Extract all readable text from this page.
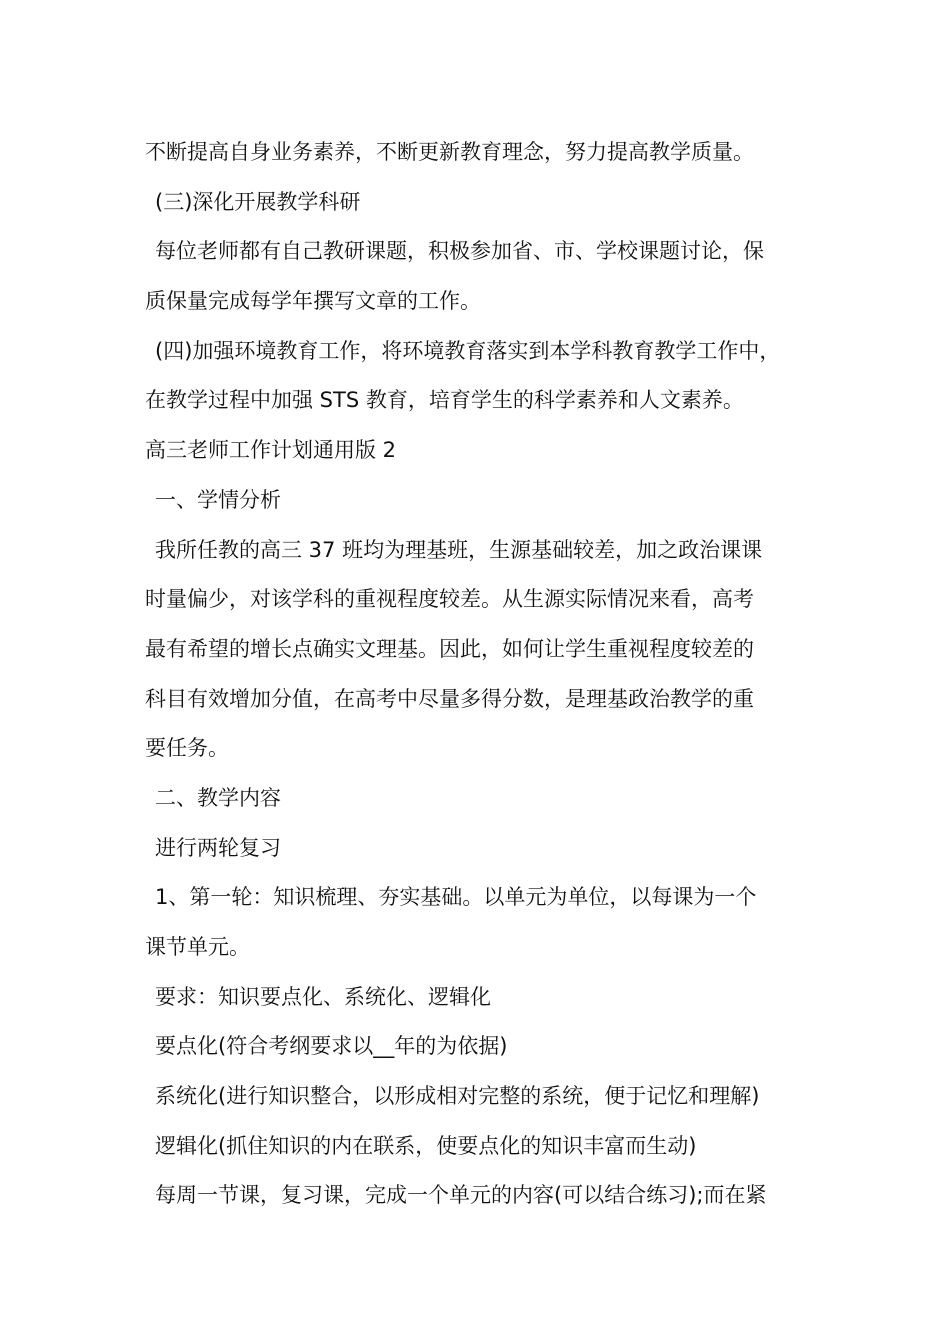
不断提高自身业务素养，不断更新教育理念，努力提高教学质量。
(三)深化开展教学科研
每位老师都有自己教研课题，积极参加省、市、学校课题讨论，保
质保量完成每学年撰写文章的工作。
(四)加强环境教育工作，将环境教育落实到本学科教育教学工作中，
在教学过程中加强 STS 教育，培育学生的科学素养和人文素养。
高三老师工作计划通用版 2
一、学情分析
我所任教的高三 37 班均为理基班，生源基础较差，加之政治课课
时量偏少，对该学科的重视程度较差。从生源实际情况来看，高考
最有希望的增长点确实文理基。因此，如何让学生重视程度较差的
科目有效增加分值，在高考中尽量多得分数，是理基政治教学的重
要任务。
二、教学内容
进行两轮复习
1、第一轮：知识梳理、夯实基础。以单元为单位，以每课为一个
课节单元。
要求：知识要点化、系统化、逻辑化
要点化(符合考纲要求以__年的为依据)
系统化(进行知识整合，以形成相对完整的系统，便于记忆和理解)
逻辑化(抓住知识的内在联系，使要点化的知识丰富而生动)
每周一节课，复习课，完成一个单元的内容(可以结合练习);而在紧
